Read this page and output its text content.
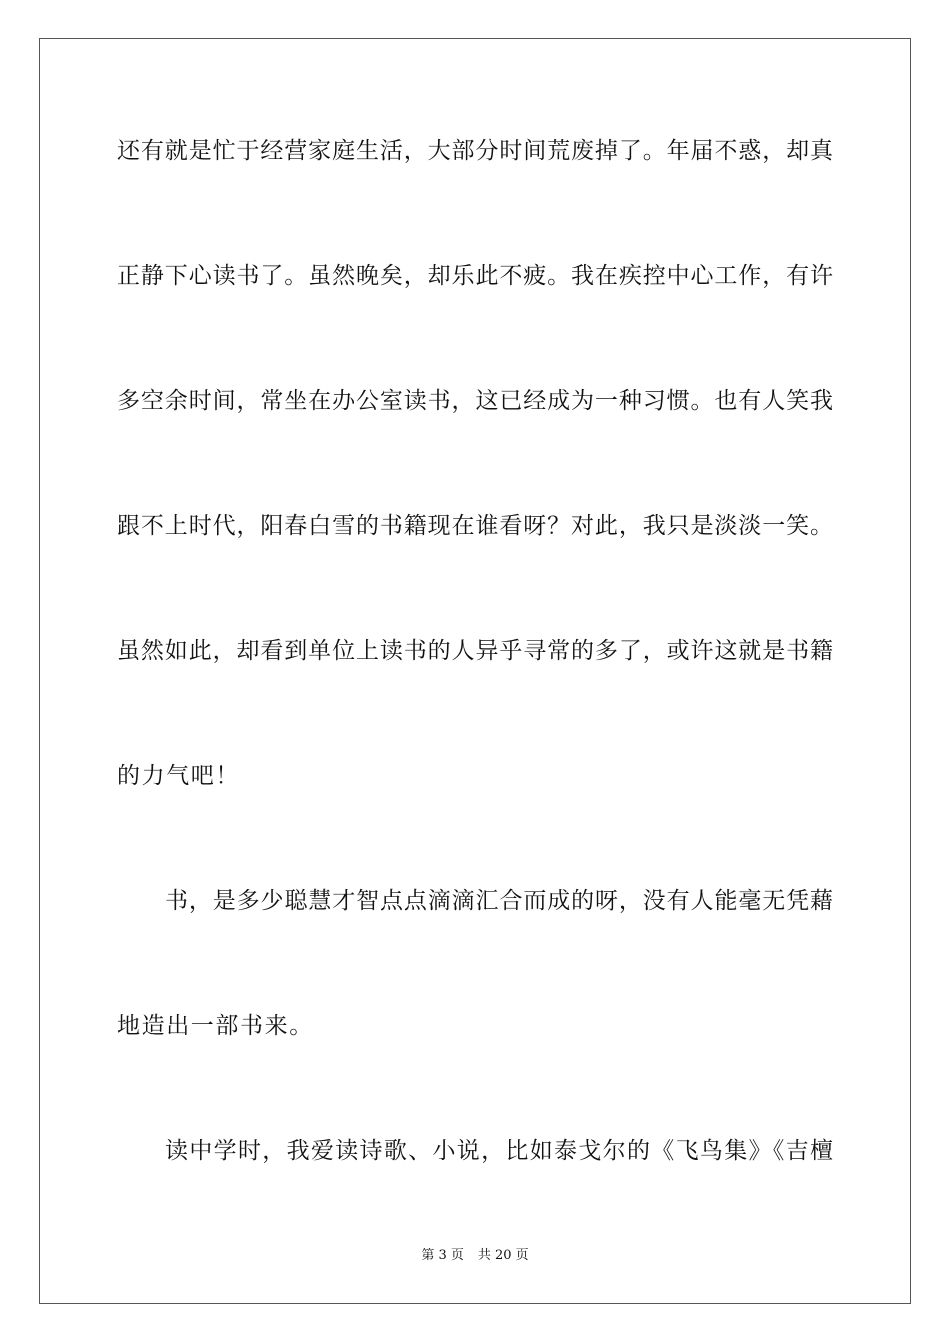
还有就是忙于经营家庭生活，大部分时间荒废掉了。年届不惑，却真
正静下心读书了。虽然晚矣，却乐此不疲。我在疾控中心工作，有许
多空余时间，常坐在办公室读书，这已经成为一种习惯。也有人笑我
跟不上时代，阳春白雪的书籍现在谁看呀？对此，我只是淡淡一笑。
虽然如此，却看到单位上读书的人异乎寻常的多了，或许这就是书籍
的力气吧！
书，是多少聪慧才智点点滴滴汇合而成的呀，没有人能毫无凭藉
地造出一部书来。
读中学时，我爱读诗歌、小说，比如泰戈尔的《飞鸟集》《吉檀
第 3 页 共 20 页
